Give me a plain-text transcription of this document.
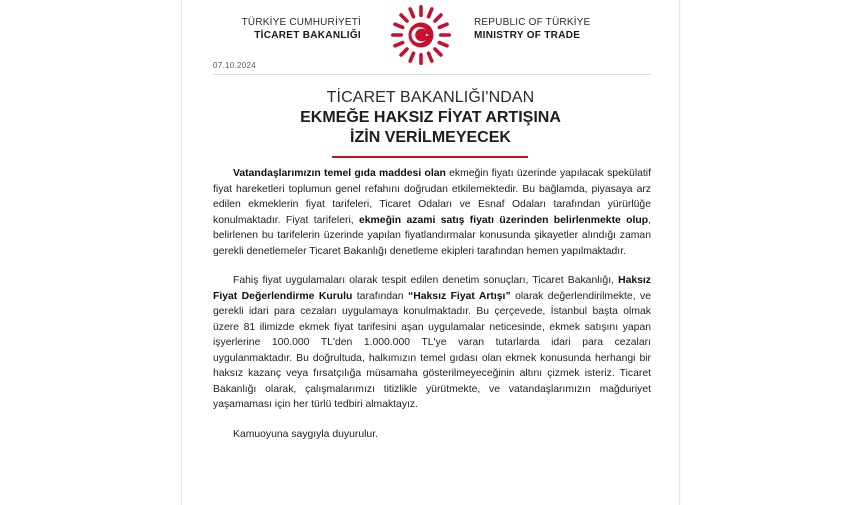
TÜRKİYE CUMHURİYETİ
TİCARET BAKANLIĞI
REPUBLIC OF TÜRKİYE
MINISTRY OF TRADE
07.10.2024
TİCARET BAKANLIĞI'NDAN
EKMEĞE HAKSIZ FİYAT ARTIŞINA
İZİN VERİLMEYECEK

Vatandaşlarımızın temel gıda maddesi olan ekmeğin fiyatı üzerinde yapılacak spekülatif fiyat hareketleri toplumun genel refahını doğrudan etkilemektedir. Bu bağlamda, piyasaya arz edilen ekmeklerin fiyat tarifeleri, Ticaret Odaları ve Esnaf Odaları tarafından yürürlüğe konulmaktadır. Fiyat tarifeleri, ekmeğin azami satış fiyatı üzerinden belirlenmekte olup, belirlenen bu tarifelerin üzerinde yapılan fiyatlandırmalar konusunda şikayetler alındığı zaman gerekli denetlemeler Ticaret Bakanlığı denetleme ekipleri tarafından hemen yapılmaktadır.

Fahiş fiyat uygulamaları olarak tespit edilen denetim sonuçları, Ticaret Bakanlığı, Haksız Fiyat Değerlendirme Kurulu tarafından “Haksız Fiyat Artışı” olarak değerlendirilmekte, ve gerekli idari para cezaları uygulamaya konulmaktadır. Bu çerçevede, İstanbul başta olmak üzere 81 ilimizde ekmek fiyat tarifesini aşan uygulamalar neticesinde, ekmek satışını yapan işyerlerine 100.000 TL'den 1.000.000 TL'ye varan tutarlarda idari para cezaları uygulanmaktadır. Bu doğrultuda, halkımızın temel gıdası olan ekmek konusunda herhangi bir haksız kazanç veya fırsatçılığa müsamaha gösterilmeyeceğinin altını çizmek isteriz. Ticaret Bakanlığı olarak, çalışmalarımızı titizlikle yürütmekte, ve vatandaşlarımızın mağduriyet yaşamaması için her türlü tedbiri almaktayız.

Kamuoyuna saygıyla duyurulur.
